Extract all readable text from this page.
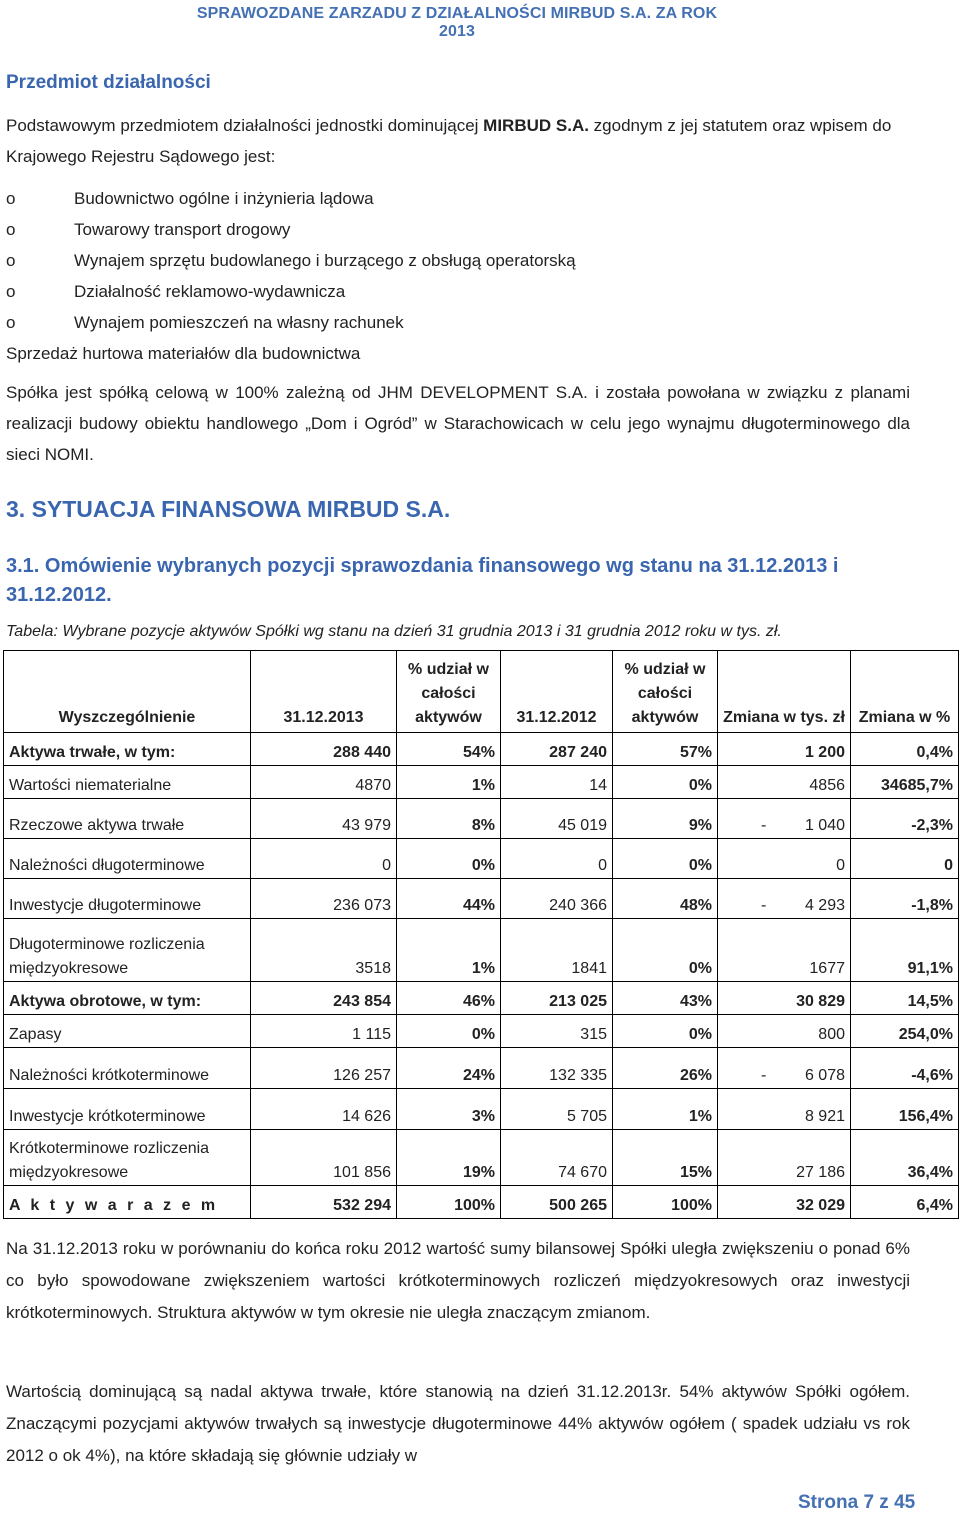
SPRAWOZDANE ZARZADU Z DZIAŁALNOŚCI MIRBUD S.A. ZA ROK 2013
Przedmiot działalności
Podstawowym przedmiotem działalności jednostki dominującej MIRBUD S.A. zgodnym z jej statutem oraz wpisem do Krajowego Rejestru Sądowego jest:
o	Budownictwo ogólne i inżynieria lądowa
o	Towarowy transport drogowy
o	Wynajem sprzętu budowlanego i burzącego z obsługą operatorską
o	Działalność reklamowo-wydawnicza
o	Wynajem pomieszczeń na własny rachunek
Sprzedaż hurtowa materiałów dla budownictwa
Spółka jest spółką celową w 100% zależną od JHM DEVELOPMENT S.A. i została powołana w związku z planami realizacji budowy obiektu handlowego „Dom i Ogród” w Starachowicach w celu jego wynajmu długoterminowego dla sieci NOMI.
3. SYTUACJA FINANSOWA MIRBUD S.A.
3.1. Omówienie wybranych pozycji sprawozdania finansowego wg stanu na 31.12.2013 i 31.12.2012.
Tabela: Wybrane pozycje aktywów Spółki wg stanu na dzień 31 grudnia 2013 i 31 grudnia 2012 roku w tys. zł.
Wyszczególnienie	31.12.2013	% udział w całości aktywów	31.12.2012	% udział w całości aktywów	Zmiana w tys. zł	Zmiana w %
Aktywa trwałe, w tym:	288 440	54%	287 240	57%	1 200	0,4%
Wartości niematerialne	4870	1%	14	0%	4856	34685,7%
Rzeczowe aktywa trwałe	43 979	8%	45 019	9%	- 1 040	-2,3%
Należności długoterminowe	0	0%	0	0%	0	0
Inwestycje długoterminowe	236 073	44%	240 366	48%	- 4 293	-1,8%
Długoterminowe rozliczenia międzyokresowe	3518	1%	1841	0%	1677	91,1%
Aktywa obrotowe, w tym:	243 854	46%	213 025	43%	30 829	14,5%
Zapasy	1 115	0%	315	0%	800	254,0%
Należności krótkoterminowe	126 257	24%	132 335	26%	- 6 078	-4,6%
Inwestycje krótkoterminowe	14 626	3%	5 705	1%	8 921	156,4%
Krótkoterminowe rozliczenia międzyokresowe	101 856	19%	74 670	15%	27 186	36,4%
A k t y w a r a z e m	532 294	100%	500 265	100%	32 029	6,4%
Na 31.12.2013 roku w porównaniu do końca roku 2012 wartość sumy bilansowej Spółki uległa zwiększeniu o ponad 6% co było spowodowane zwiększeniem wartości krótkoterminowych rozliczeń międzyokresowych oraz inwestycji krótkoterminowych. Struktura aktywów w tym okresie nie uległa znaczącym zmianom.
Wartością dominującą są nadal aktywa trwałe, które stanowią na dzień 31.12.2013r. 54% aktywów Spółki ogółem. Znaczącymi pozycjami aktywów trwałych są inwestycje długoterminowe 44% aktywów ogółem ( spadek udziału vs rok 2012 o ok 4%), na które składają się głównie udziały w
Strona 7 z 45
